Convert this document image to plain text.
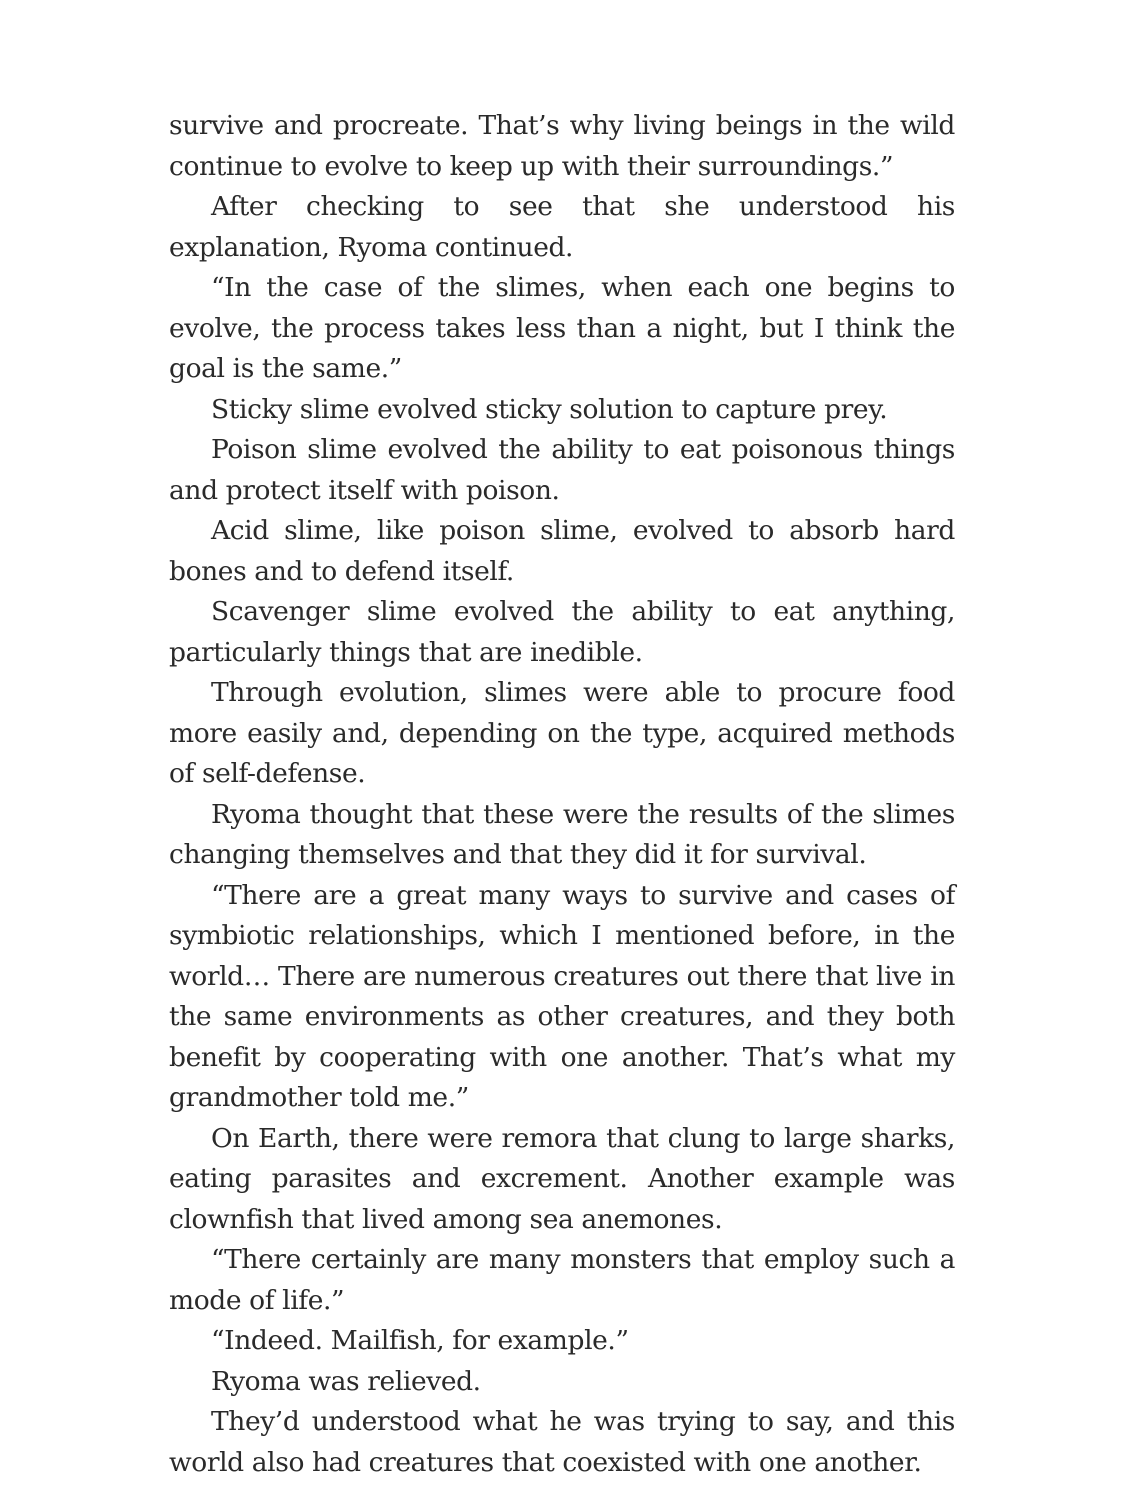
survive and procreate. That’s why living beings in the wild continue to evolve to keep up with their surroundings.”

After checking to see that she understood his explanation, Ryoma continued.

“In the case of the slimes, when each one begins to evolve, the process takes less than a night, but I think the goal is the same.”

Sticky slime evolved sticky solution to capture prey.

Poison slime evolved the ability to eat poisonous things and protect itself with poison.

Acid slime, like poison slime, evolved to absorb hard bones and to defend itself.

Scavenger slime evolved the ability to eat anything, particularly things that are inedible.

Through evolution, slimes were able to procure food more easily and, depending on the type, acquired methods of self-defense.

Ryoma thought that these were the results of the slimes changing themselves and that they did it for survival.

“There are a great many ways to survive and cases of symbiotic relationships, which I mentioned before, in the world… There are numerous creatures out there that live in the same environments as other creatures, and they both benefit by cooperating with one another. That’s what my grandmother told me.”

On Earth, there were remora that clung to large sharks, eating parasites and excrement. Another example was clownfish that lived among sea anemones.

“There certainly are many monsters that employ such a mode of life.”

“Indeed. Mailfish, for example.”

Ryoma was relieved.

They’d understood what he was trying to say, and this world also had creatures that coexisted with one another.
